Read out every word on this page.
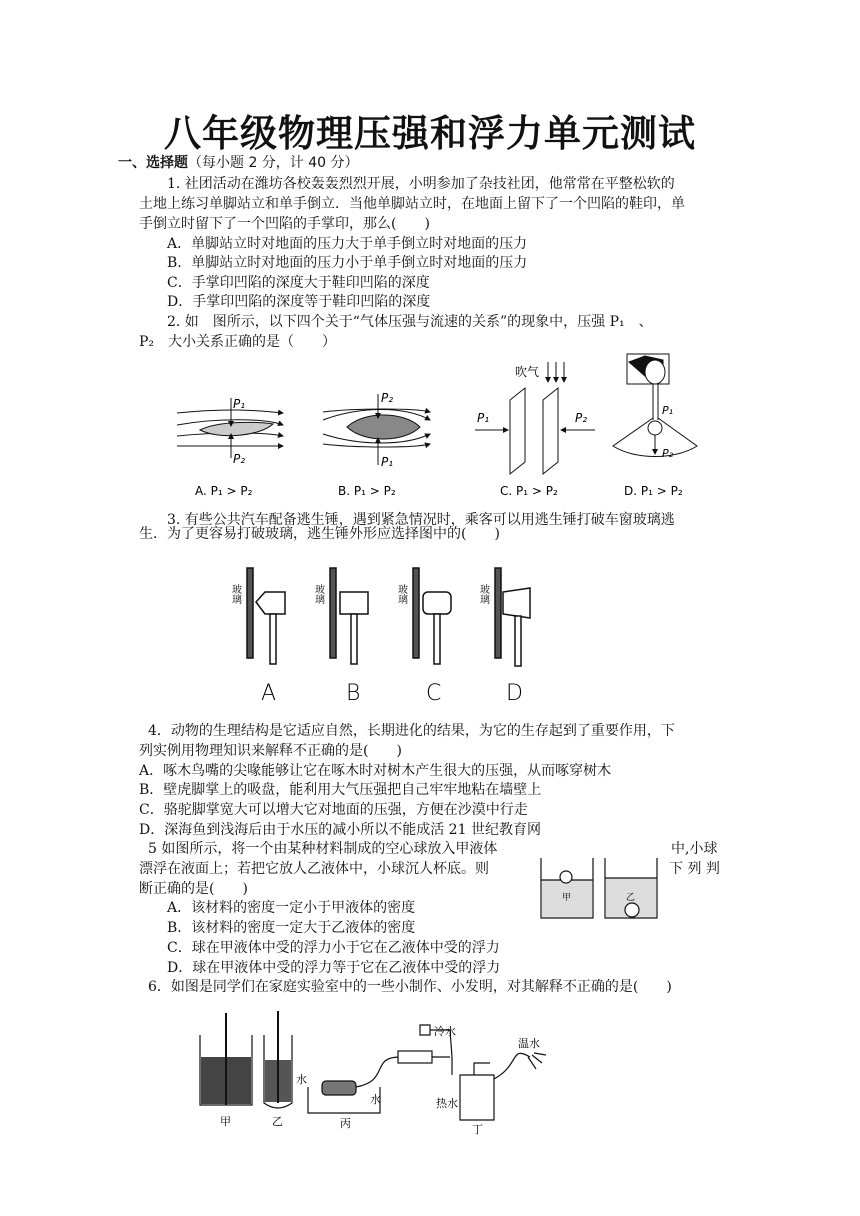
八年级物理压强和浮力单元测试
一、选择题（每小题 2 分，计 40 分）
1. 社团活动在潍坊各校轰轰烈烈开展，小明参加了杂技社团，他常常在平整松软的
土地上练习单脚站立和单手倒立．当他单脚站立时，在地面上留下了一个凹陷的鞋印，单
手倒立时留下了一个凹陷的手掌印，那么(　　)
A．单脚站立时对地面的压力大于单手倒立时对地面的压力
B．单脚站立时对地面的压力小于单手倒立时对地面的压力
C．手掌印凹陷的深度大于鞋印凹陷的深度
D．手掌印凹陷的深度等于鞋印凹陷的深度
2. 如　图所示，以下四个关于“气体压强与流速的关系”的现象中，压强 P₁　、
P₂　大小关系正确的是（　　）
P₁
P₂
P₂
P₁
吹气
P₁	P₂
P₁
P₂
A. P₁ > P₂	B. P₁ > P₂	C. P₁ > P₂	D. P₁ > P₂
3. 有些公共汽车配备逃生锤，遇到紧急情况时，乘客可以用逃生锤打破车窗玻璃逃
生．为了更容易打破玻璃，逃生锤外形应选择图中的(　　)
玻璃	玻璃	玻璃	玻璃
A	B	C	D
4．动物的生理结构是它适应自然，长期进化的结果，为它的生存起到了重要作用，下
列实例用物理知识来解释不正确的是(　　)
A．啄木鸟嘴的尖喙能够让它在啄木时对树木产生很大的压强，从而啄穿树木
B．壁虎脚掌上的吸盘，能利用大气压强把自己牢牢地粘在墙壁上
C．骆驼脚掌宽大可以增大它对地面的压强，方便在沙漠中行走
D．深海鱼到浅海后由于水压的减小所以不能成活 21 世纪教育网
5 如图所示，将一个由某种材料制成的空心球放入甲液体	中,小球
漂浮在液面上；若把它放人乙液体中，小球沉人杯底。则	下 列 判
断正确的是(　　)
A．该材料的密度一定小于甲液体的密度
B．该材料的密度一定大于乙液体的密度
C．球在甲液体中受的浮力小于它在乙液体中受的浮力
D．球在甲液体中受的浮力等于它在乙液体中受的浮力
甲	乙
6．如图是同学们在家庭实验室中的一些小制作、小发明，对其解释不正确的是(　　)
甲	乙	丙	丁
水
水
冷水
温水
热水
